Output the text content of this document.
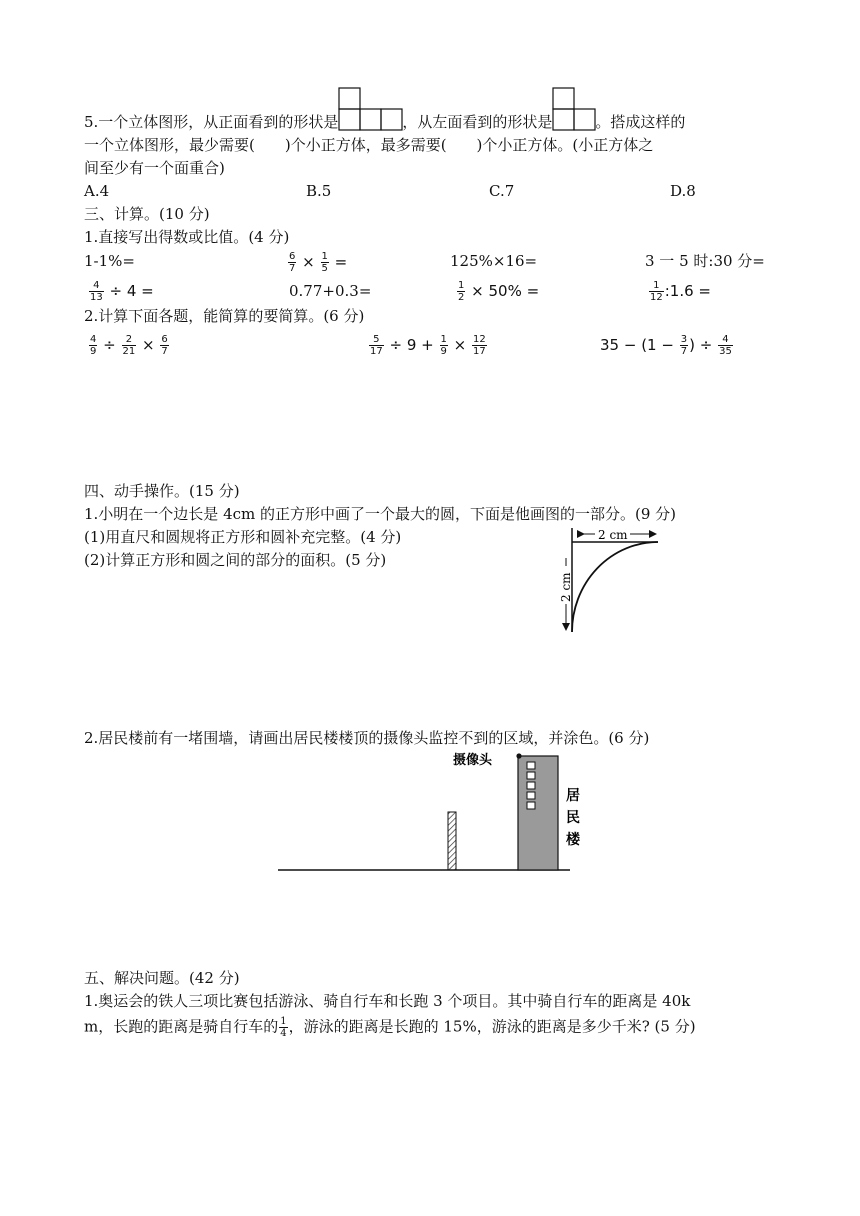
5.一个立体图形，从正面看到的形状是	，从左面看到的形状是	。搭成这样的
一个立体图形，最少需要(　　)个小正方体，最多需要(　　)个小正方体。(小正方体之
间至少有一个面重合)
A.4	B.5	C.7	D.8
三、计算。(10 分)
1.直接写出得数或比值。(4 分)
1-1%=	$\frac{6}{7} \times \frac{1}{5}$ =	125%×16=	3 一 5 时:30 分=
$\frac{4}{13} \div 4$ =	0.77+0.3=	$\frac{1}{2} \times 50\%$ =	$\frac{1}{12}$ :1.6 =
2.计算下面各题，能简算的要简算。(6 分)
$\frac{4}{9} \div \frac{2}{21} \times \frac{6}{7}$	$\frac{5}{17} \div 9 + \frac{1}{9} \times \frac{12}{17}$	$35 - (1 - \frac{3}{7}$ ) ÷ $\frac{4}{35}$
四、动手操作。(15 分)
1.小明在一个边长是 4cm 的正方形中画了一个最大的圆，下面是他画图的一部分。(9 分)
(1)用直尺和圆规将正方形和圆补充完整。(4 分)
(2)计算正方形和圆之间的部分的面积。(5 分)
2 cm
2 cm
2.居民楼前有一堵围墙，请画出居民楼楼顶的摄像头监控不到的区域，并涂色。(6 分)
摄像头
居
民
楼
五、解决问题。(42 分)
1.奥运会的铁人三项比赛包括游泳、骑自行车和长跑 3 个项目。其中骑自行车的距离是 40k
m，长跑的距离是骑自行车的 $\frac{1}{4}$ ，游泳的距离是长跑的 15%，游泳的距离是多少千米? (5 分)
